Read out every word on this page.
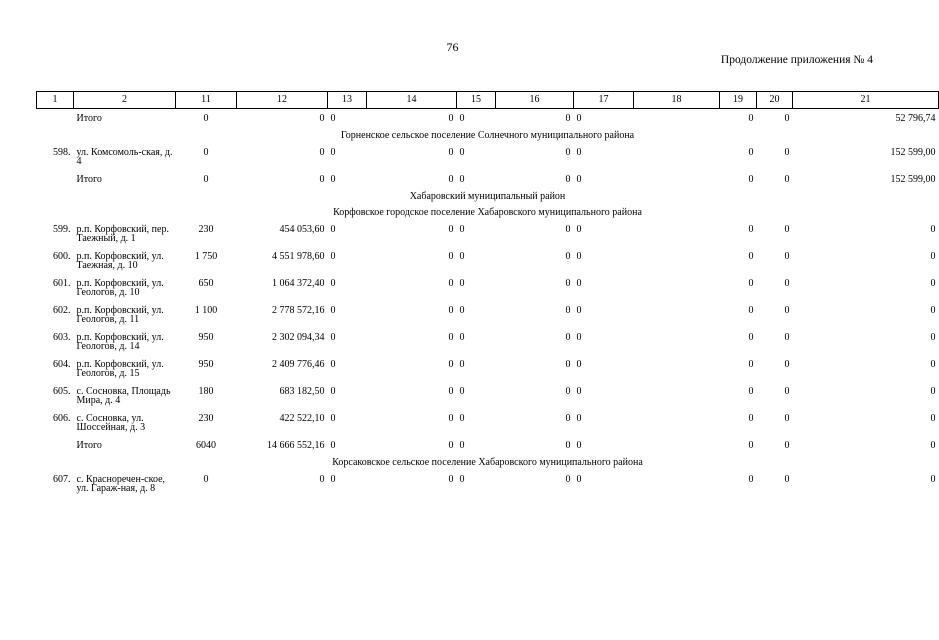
76
Продолжение приложения № 4
1	2	11	12	13	14	15	16	17	18	19	20	21
	Итого	0	0	0	0	0	0	0		0	0	52 796,74
Горненское сельское поселение Солнечного муниципального района												
598.	ул. Комсомоль-ская, д. 4	0	0	0	0	0	0	0		0	0	152 599,00
	Итого	0	0	0	0	0	0	0		0	0	152 599,00
Хабаровский муниципальный район												
Корфовское городское поселение Хабаровского муниципального района												
599.	р.п. Корфовский, пер. Таежный, д. 1	230	454 053,60	0	0	0	0	0		0	0	0
600.	р.п. Корфовский, ул. Таежная, д. 10	1 750	4 551 978,60	0	0	0	0	0		0	0	0
601.	р.п. Корфовский, ул. Геологов, д. 10	650	1 064 372,40	0	0	0	0	0		0	0	0
602.	р.п. Корфовский, ул. Геологов, д. 11	1 100	2 778 572,16	0	0	0	0	0		0	0	0
603.	р.п. Корфовский, ул. Геологов, д. 14	950	2 302 094,34	0	0	0	0	0		0	0	0
604.	р.п. Корфовский, ул. Геологов, д. 15	950	2 409 776,46	0	0	0	0	0		0	0	0
605.	с. Сосновка, Площадь Мира, д. 4	180	683 182,50	0	0	0	0	0		0	0	0
606.	с. Сосновка, ул. Шоссейная, д. 3	230	422 522,10	0	0	0	0	0		0	0	0
	Итого	6040	14 666 552,16	0	0	0	0	0		0	0	0
Корсаковское сельское поселение Хабаровского муниципального района												
607.	с. Красноречен-ское, ул. Гараж-ная, д. 8	0	0	0	0	0	0	0		0	0	0
